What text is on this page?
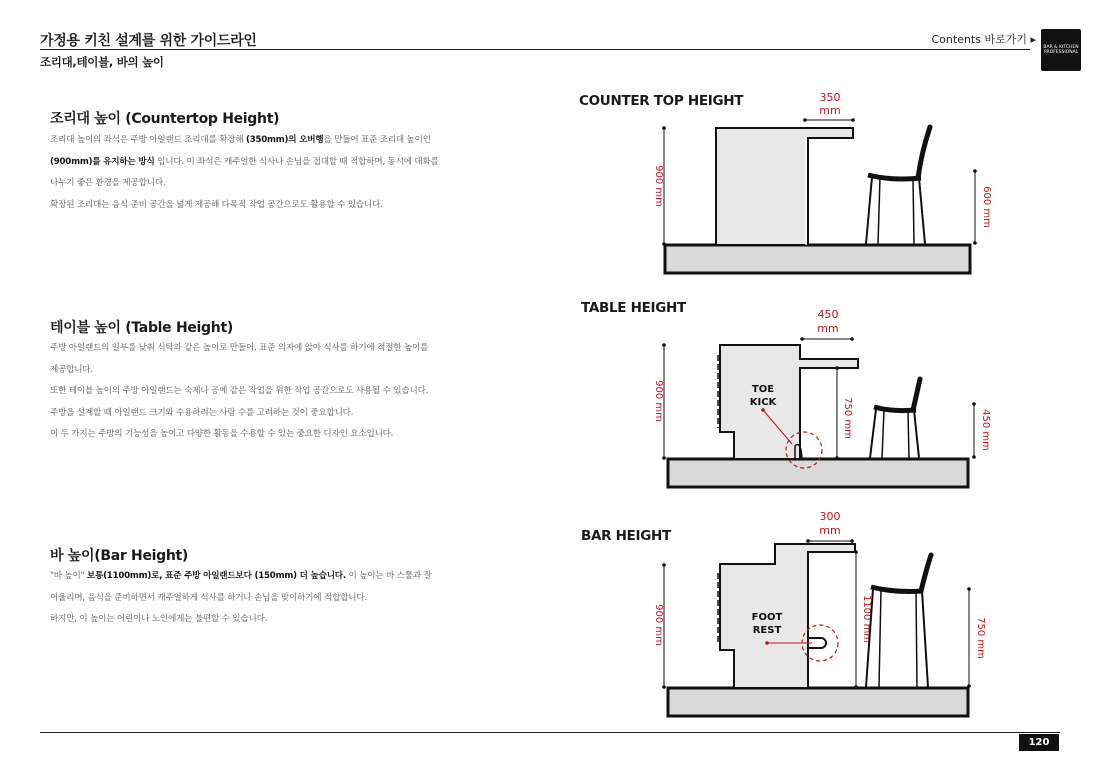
가정용 키친 설계를 위한 가이드라인
조리대,테이블, 바의 높이
Contents 바로가기 ▸
BAR & KITCHEN PROFESSIONAL
조리대 높이 (Countertop Height)

조리대 높이의 좌석은 주방 아일랜드 조리대를 확장해 (350mm)의 오버행을 만들어 표준 조리대 높이인

(900mm)를 유지하는 방식 입니다. 이 좌석은 캐주얼한 식사나 손님을 접대할 때 적합하며, 동시에 대화를

나누기 좋은 환경을 제공합니다.

확장된 조리대는 음식 준비 공간을 넓게 제공해 다목적 작업 공간으로도 활용할 수 있습니다.

테이블 높이 (Table Height)

주방 아일랜드의 일부를 낮춰 식탁과 같은 높이로 만들어, 표준 의자에 앉아 식사를 하기에 적절한 높이를

제공합니다.

또한 테이블 높이의 주방 아일랜드는 숙제나 공예 같은 작업을 위한 작업 공간으로도 사용될 수 있습니다.

주방을 설계할 때 아일랜드 크기와 수용하려는 사람 수를 고려하는 것이 중요합니다.

이 두 가지는 주방의 기능성을 높이고 다양한 활동을 수용할 수 있는 중요한 디자인 요소입니다.

바 높이(Bar Height)

"바 높이" 보통(1100mm)로, 표준 주방 아일랜드보다 (150mm) 더 높습니다. 이 높이는 바 스툴과 잘

어울리며, 음식을 준비하면서 캐주얼하게 식사를 하거나 손님을 맞이하기에 적합합니다.

하지만, 이 높이는 어린이나 노인에게는 불편할 수 있습니다.

COUNTER TOP HEIGHT
TABLE HEIGHT
BAR HEIGHT
900 mm
350
mm
600 mm
900 mm
450
mm
TOE
KICK	750 mm	450 mm
900 mm
300
mm
FOOT
REST	1100 mm	750 mm
120
